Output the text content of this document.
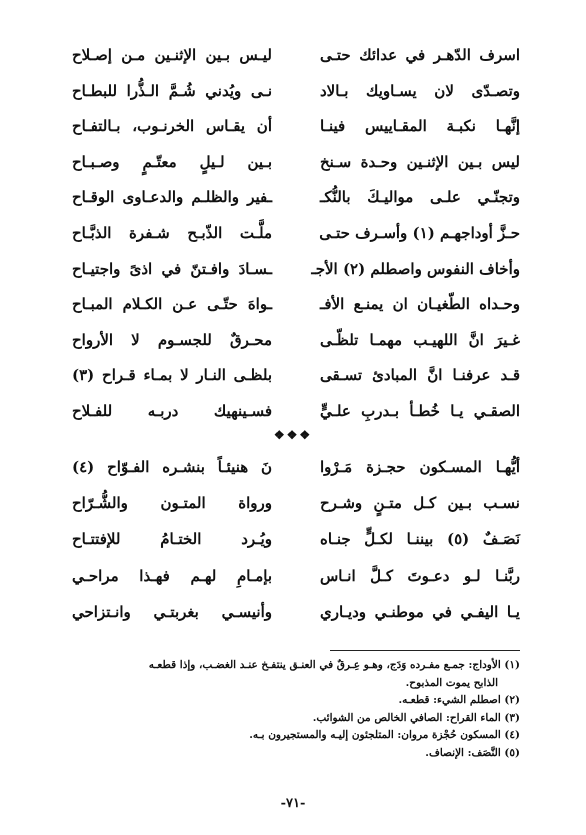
اسرف الدّهـر في عدائك حتـى
ليـس بـين الإثنـين مـن إصـلاح
وتصـدّى لان يسـاويك بـالاد
نـى ويُدني شُـمَّ الـذُّرا للبطـاح
إنَّهـا نكبـة المقـاييس فينـا
أن يقـاس الخرنـوب، بـالتفـاح
ليس بـين الإثنـين وحـدة سـنخ
بـين لـيلٍ معتّـمٍ وصـبـاح
وتجنّـي علـى مواليـكَ بالنُّكـ
ـفير والظلـم والدعـاوى الوقـاح
حـزَّ أوداجهـم (١) وأسـرف حتـى
ملَّـت الذّبـح شـفرة الذبَّـاح
وأخاف النفوس واصطلم (٢) الأجـ
ـسـادَ وافـتنّ في اذىً واجتيـاح
وحـداه الطّغيـان ان يمنـع الأفـ
ـواهَ حتّـى عـن الكـلام المبـاح
غـيرَ انَّ اللهيـب مهمـا تلظّـى
محـرقٌ للجسـوم لا الأرواح
قـد عرفنـا انَّ المبادئ تسـقى
بلظـى النـار لا بمـاء قـراح (٣)
الصقـي يـا خُطـأ بـدربِ علـيٍّ
فسـينهيك دربـه للفـلاح
❖❖❖
أيُّهـا المسـكون حجـزة مَـرْوا
نَ هنيئـاً بنشـره الفـوّاح (٤)
نسـب بـين كـل متـنٍ وشـرح
ورواة المتـون والشُّـرّاح
نَصَـفٌ (٥) بيننـا لكـلٍّ جنـاه
ويُـرد الختـامُ للإفتتـاح
ربَّنـا لـو دعـوتَ كـلَّ انـاس
بإمـامِ لهـم فهـذا مراحـي
يـا اليفـي في موطنـي وديـاري
وأنيسـي بغربتـي وانـتزاحي
(١) الأوداج: جمـع مفـرده وَدَج، وهـو عِـرقٌ في العنـق ينتفـخ عنـد الغضـب، وإذا قطعـه
الذابح يموت المذبوح.
(٢) اصطلم الشيء: قطعـه.
(٣) الماء القراح: الصافي الخالص من الشوائب.
(٤) المسكون حُجْزة مروان: المتلجئون إليـه والمستجيرون بـه.
(٥) النَّصَف: الإنصاف.
-٧١-
